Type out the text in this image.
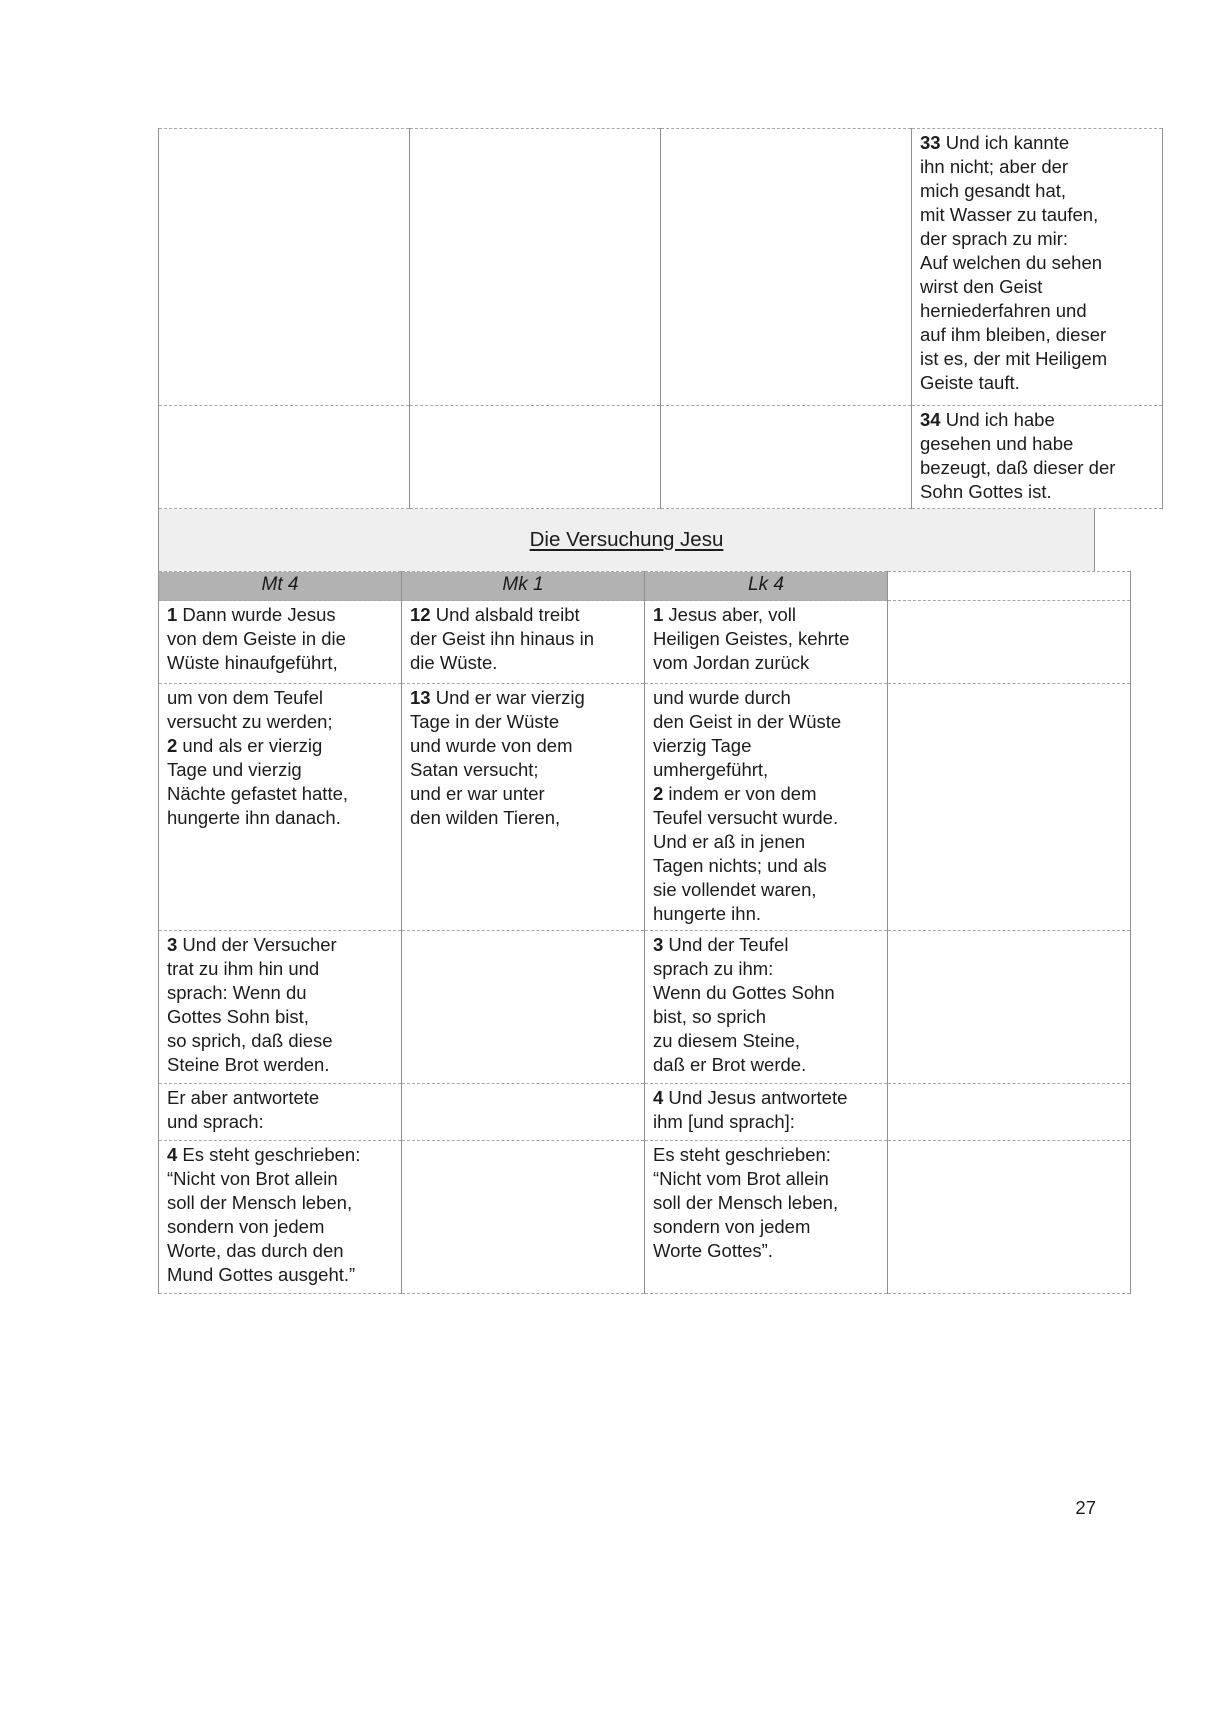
			33 Und ich kannte
ihn nicht; aber der
mich gesandt hat,
mit Wasser zu taufen,
der sprach zu mir:
Auf welchen du sehen
wirst den Geist
herniederfahren und
auf ihm bleiben, dieser
ist es, der mit Heiligem
Geiste tauft.
			34 Und ich habe
gesehen und habe
bezeugt, daß dieser der
Sohn Gottes ist.
Die Versuchung Jesu
Mt 4	Mk 1	Lk 4	
1 Dann wurde Jesus
von dem Geiste in die
Wüste hinaufgeführt,	12 Und alsbald treibt
der Geist ihn hinaus in
die Wüste.	1 Jesus aber, voll
Heiligen Geistes, kehrte
vom Jordan zurück	
um von dem Teufel
versucht zu werden;
2 und als er vierzig
Tage und vierzig
Nächte gefastet hatte,
hungerte ihn danach.	13 Und er war vierzig
Tage in der Wüste
und wurde von dem
Satan versucht;
und er war unter
den wilden Tieren,	und wurde durch
den Geist in der Wüste
vierzig Tage
umhergeführt,
2 indem er von dem
Teufel versucht wurde.
Und er aß in jenen
Tagen nichts; und als
sie vollendet waren,
hungerte ihn.	
3 Und der Versucher
trat zu ihm hin und
sprach: Wenn du
Gottes Sohn bist,
so sprich, daß diese
Steine Brot werden.		3 Und der Teufel
sprach zu ihm:
Wenn du Gottes Sohn
bist, so sprich
zu diesem Steine,
daß er Brot werde.	
Er aber antwortete
und sprach:		4 Und Jesus antwortete
ihm [und sprach]:	
4 Es steht geschrieben:
“Nicht von Brot allein
soll der Mensch leben,
sondern von jedem
Worte, das durch den
Mund Gottes ausgeht.”		Es steht geschrieben:
“Nicht vom Brot allein
soll der Mensch leben,
sondern von jedem
Worte Gottes”.	
27
